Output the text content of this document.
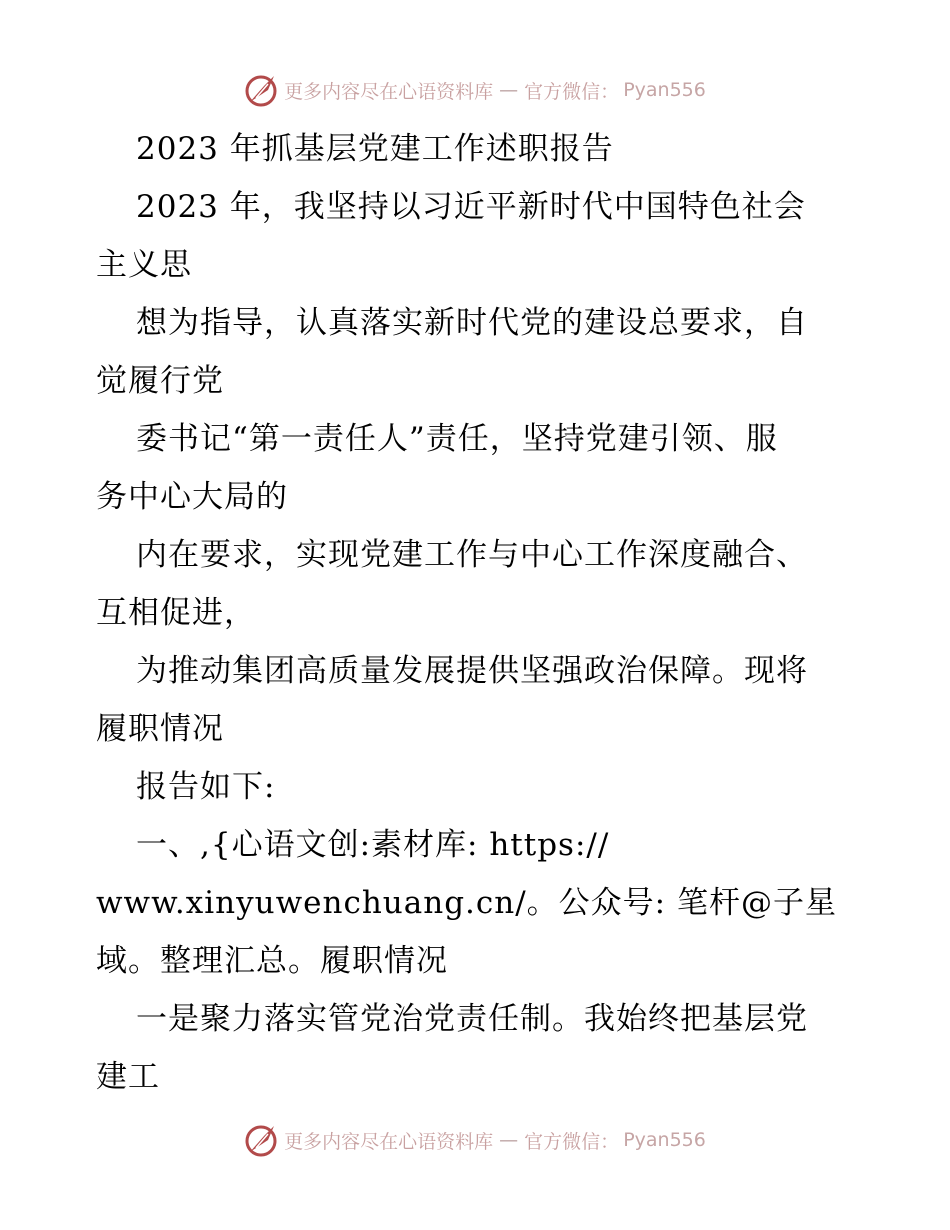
更多内容尽在心语资料库 — 官方微信： Pyan556
2023 年抓基层党建工作述职报告
2023 年，我坚持以习近平新时代中国特色社会
主义思
想为指导，认真落实新时代党的建设总要求，自
觉履行党
委书记“第一责任人”责任，坚持党建引领、服
务中心大局的
内在要求，实现党建工作与中心工作深度融合、
互相促进，
为推动集团高质量发展提供坚强政治保障。现将
履职情况
报告如下:
一、,{心语文创:素材库: https://
www.xinyuwenchuang.cn/。公众号: 笔杆@子星
域。整理汇总。履职情况
一是聚力落实管党治党责任制。我始终把基层党
建工
更多内容尽在心语资料库 — 官方微信： Pyan556
